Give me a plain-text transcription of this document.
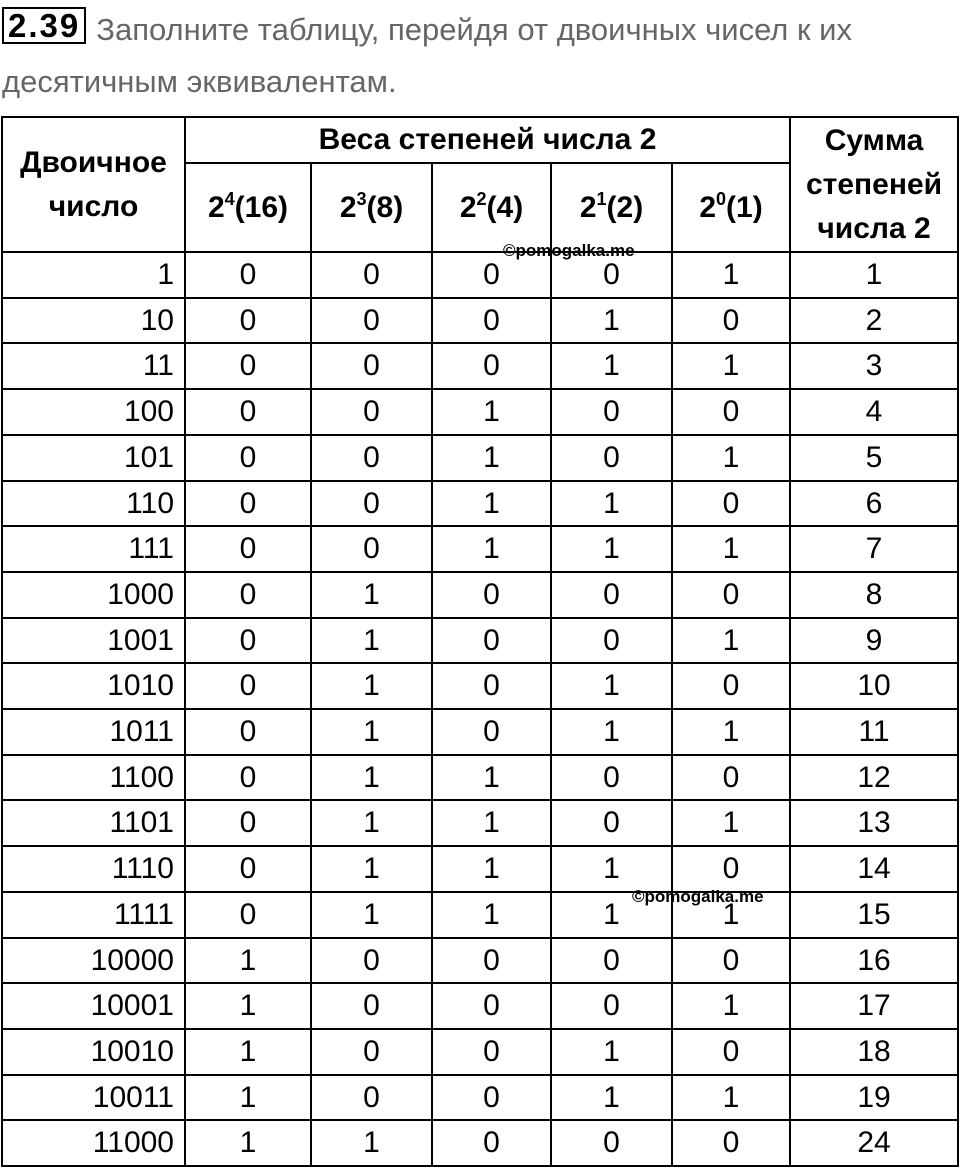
2.39 Заполните таблицу, перейдя от двоичных чисел к их десятичным эквивалентам.
Двоичное число	Веса степеней числа 2					Сумма степеней числа 2
	$2^4(16)$	$2^3(8)$	$2^2(4)$	$2^1(2)$	$2^0(1)$	
1	0	0	0	0	1	1
10	0	0	0	1	0	2
11	0	0	0	1	1	3
100	0	0	1	0	0	4
101	0	0	1	0	1	5
110	0	0	1	1	0	6
111	0	0	1	1	1	7
1000	0	1	0	0	0	8
1001	0	1	0	0	1	9
1010	0	1	0	1	0	10
1011	0	1	0	1	1	11
1100	0	1	1	0	0	12
1101	0	1	1	0	1	13
1110	0	1	1	1	0	14
1111	0	1	1	1	1	15
10000	1	0	0	0	0	16
10001	1	0	0	0	1	17
10010	1	0	0	1	0	18
10011	1	0	0	1	1	19
11000	1	1	0	0	0	24
©pomogalka.me
©pomogalka.me
